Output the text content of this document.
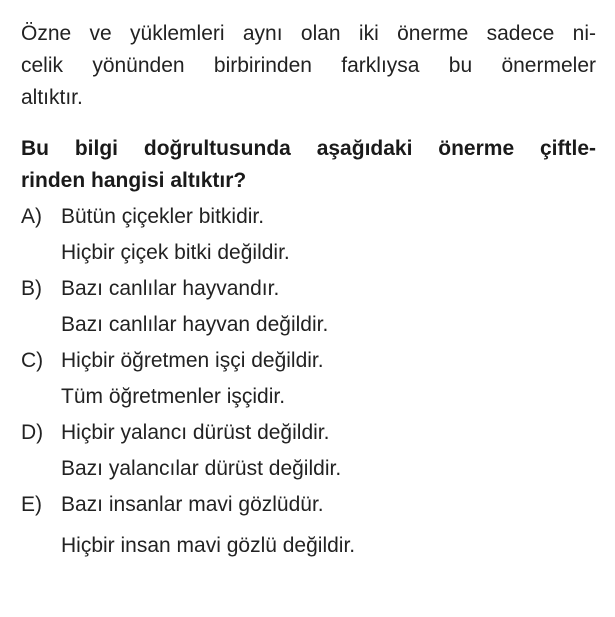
Özne ve yüklemleri aynı olan iki önerme sadece ni-
celik yönünden birbirinden farklıysa bu önermeler
altıktır.

Bu bilgi doğrultusunda aşağıdaki önerme çiftle-
rinden hangisi altıktır?

A) Bütün çiçekler bitkidir.
Hiçbir çiçek bitki değildir.
B) Bazı canlılar hayvandır.
Bazı canlılar hayvan değildir.
C) Hiçbir öğretmen işçi değildir.
Tüm öğretmenler işçidir.
D) Hiçbir yalancı dürüst değildir.
Bazı yalancılar dürüst değildir.
E) Bazı insanlar mavi gözlüdür.
Hiçbir insan mavi gözlü değildir.
